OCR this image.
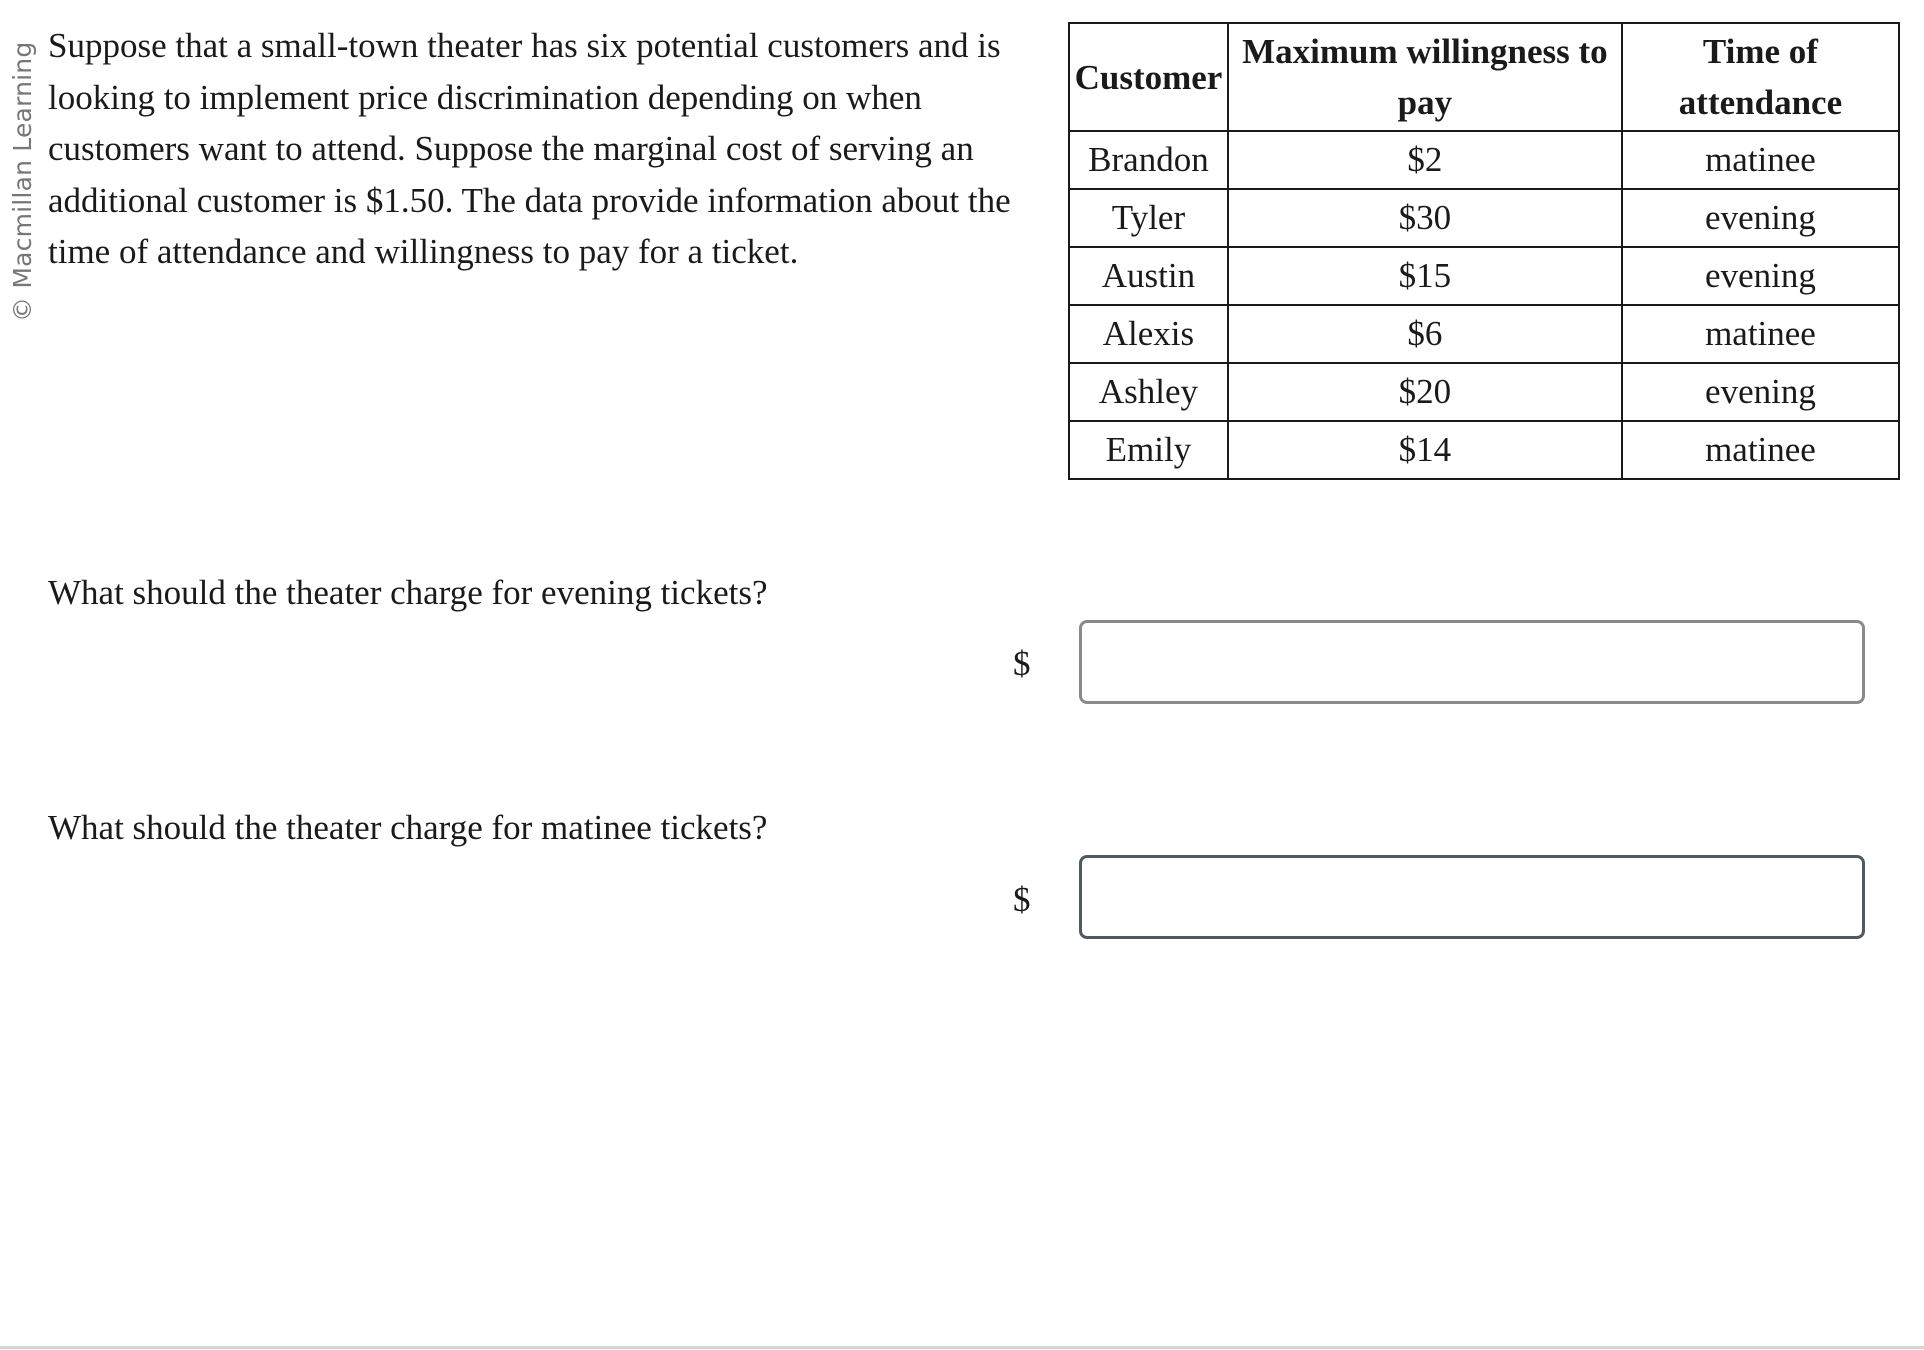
© Macmillan Learning Suppose that a small-town theater has six potential customers and is looking to implement price discrimination depending on when customers want to attend. Suppose the marginal cost of serving an additional customer is $1.50. The data provide information about the time of attendance and willingness to pay for a ticket.

Customer	Maximum willingness to pay	Time of attendance
Brandon	$2	matinee
Tyler	$30	evening
Austin	$15	evening
Alexis	$6	matinee
Ashley	$20	evening
Emily	$14	matinee

What should the theater charge for evening tickets?

$

What should the theater charge for matinee tickets?

$
